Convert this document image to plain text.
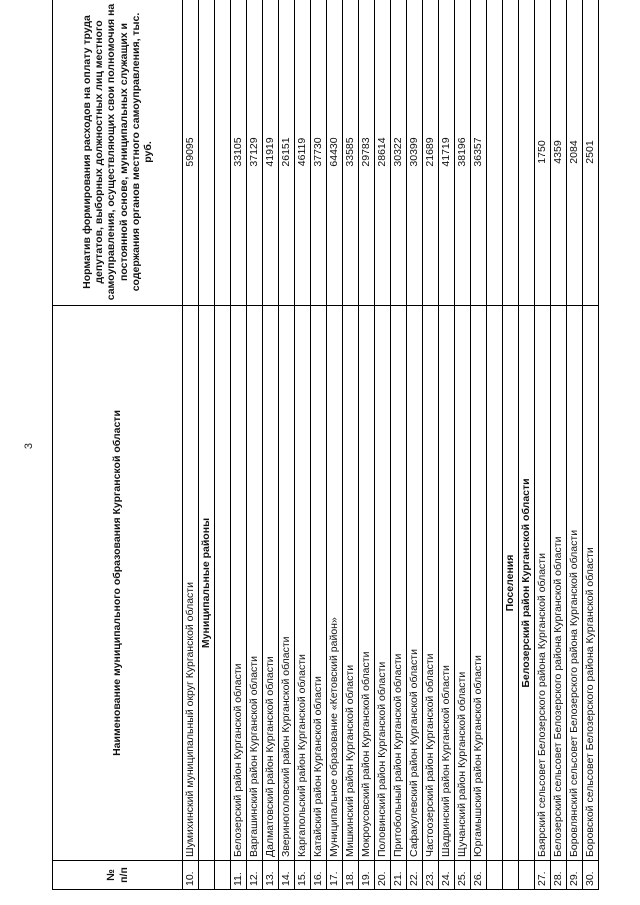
3
№ п/п	Наименование муниципального образования Курганской области	Норматив формирования расходов на оплату труда депутатов, выборных должностных лиц местного самоуправления, осуществляющих свои полномочия на постоянной основе, муниципальных служащих и содержания органов местного самоуправления, тыс. руб.
10.	Шумихинский муниципальный округ Курганской области	59095
	Муниципальные районы	

11.	Белозерский район Курганской области	33105
12.	Варгашинский район Курганской области	37129
13.	Далматовский район Курганской области	41919
14.	Звериноголовский район Курганской области	26151
15.	Каргапольский район Курганской области	46119
16.	Катайский район Курганской области	37730
17.	Муниципальное образование «Кетовский район»	64430
18.	Мишкинский район Курганской области	33585
19.	Мокроусовский район Курганской области	29783
20.	Половинский район Курганской области	28614
21.	Притобольный район Курганской области	30322
22.	Сафакулевский район Курганской области	30399
23.	Частоозерский район Курганской области	21689
24.	Шадринский район Курганской области	41719
25.	Щучанский район Курганской области	38196
26.	Юргамышский район Курганской области	36357

	Поселения	
	Белозерский район Курганской области	
27.	Баярский сельсовет Белозерского района Курганской области	1750
28.	Белозерский сельсовет Белозерского района Курганской области	4359
29.	Боровлянский сельсовет Белозерского района Курганской области	2084
30.	Боровской сельсовет Белозерского района Курганской области	2501
